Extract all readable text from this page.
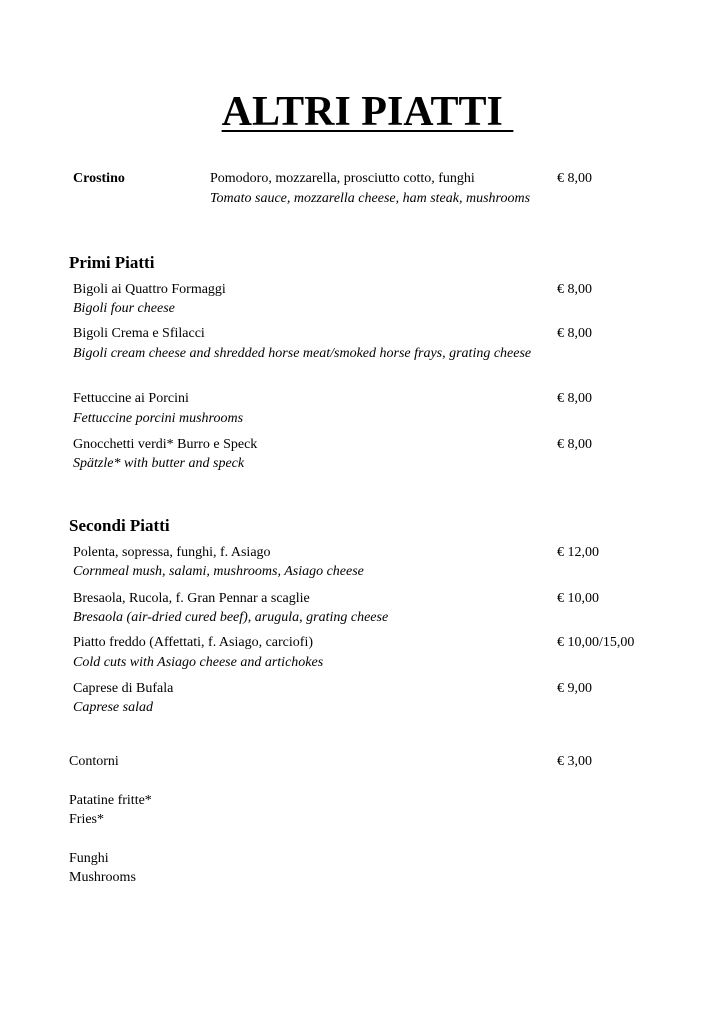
ALTRI PIATTI
Crostino	Pomodoro, mozzarella, prosciutto cotto, funghi
Tomato sauce, mozzarella cheese, ham steak, mushrooms
€ 8,00
Primi Piatti
Bigoli ai Quattro Formaggi
Bigoli four cheese
€ 8,00
Bigoli Crema e Sfilacci
Bigoli cream cheese and shredded horse meat/smoked horse frays, grating cheese
€ 8,00
Fettuccine ai Porcini
Fettuccine porcini mushrooms
€ 8,00
Gnocchetti verdi* Burro e Speck
Spätzle* with butter and speck
€ 8,00
Secondi Piatti
Polenta, sopressa, funghi, f. Asiago
Cornmeal mush, salami, mushrooms, Asiago cheese
€ 12,00
Bresaola, Rucola, f. Gran Pennar a scaglie
Bresaola (air-dried cured beef), arugula, grating cheese
€ 10,00
Piatto freddo (Affettati, f. Asiago, carciofi)
Cold cuts with Asiago cheese and artichokes
€ 10,00/15,00
Caprese di Bufala
Caprese salad
€ 9,00
Contorni	€ 3,00
Patatine fritte*
Fries*
Funghi
Mushrooms
